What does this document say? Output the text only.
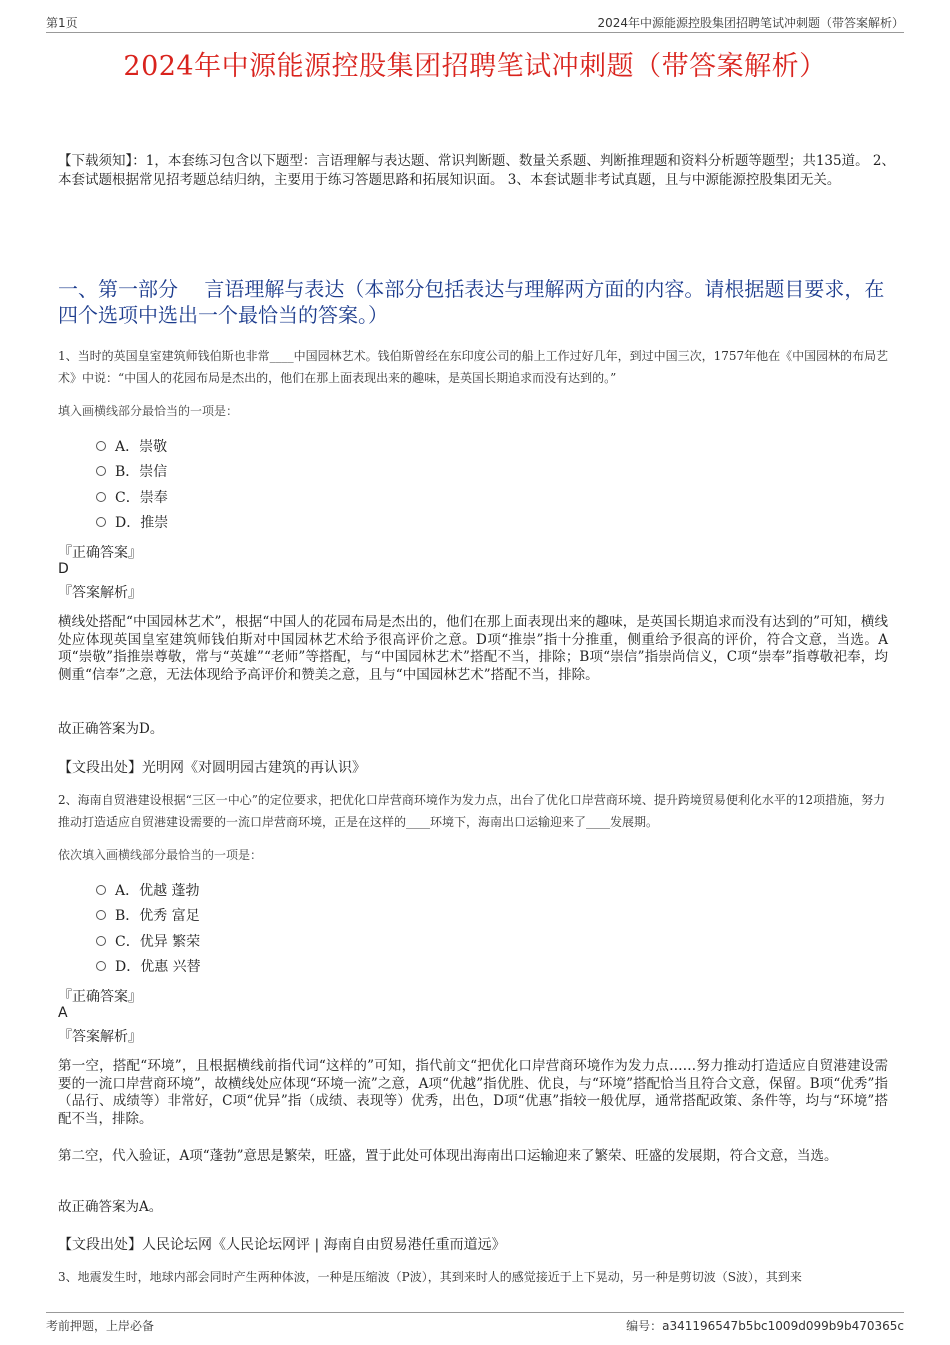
第1页	2024年中源能源控股集团招聘笔试冲刺题（带答案解析）
2024年中源能源控股集团招聘笔试冲刺题（带答案解析）
【下载须知】：1，本套练习包含以下题型：言语理解与表达题、常识判断题、数量关系题、判断推理题和资料分析题等题型；共135道。 2、本套试题根据常见招考题总结归纳，主要用于练习答题思路和拓展知识面。 3、本套试题非考试真题，且与中源能源控股集团无关。
一、第一部分　 言语理解与表达（本部分包括表达与理解两方面的内容。请根据题目要求，在四个选项中选出一个最恰当的答案。）
1、当时的英国皇室建筑师钱伯斯也非常____中国园林艺术。钱伯斯曾经在东印度公司的船上工作过好几年，到过中国三次，1757年他在《中国园林的布局艺术》中说：“中国人的花园布局是杰出的，他们在那上面表现出来的趣味，是英国长期追求而没有达到的。”
填入画横线部分最恰当的一项是：
A．崇敬
B．崇信
C．崇奉
D．推崇
『正确答案』
D
『答案解析』
横线处搭配“中国园林艺术”，根据“中国人的花园布局是杰出的，他们在那上面表现出来的趣味，是英国长期追求而没有达到的”可知，横线处应体现英国皇室建筑师钱伯斯对中国园林艺术给予很高评价之意。D项“推崇”指十分推重，侧重给予很高的评价，符合文意，当选。A项“崇敬”指推崇尊敬，常与“英雄”“老师”等搭配，与“中国园林艺术”搭配不当，排除；B项“崇信”指崇尚信义，C项“崇奉”指尊敬祀奉，均侧重“信奉”之意，无法体现给予高评价和赞美之意，且与“中国园林艺术”搭配不当，排除。
故正确答案为D。
【文段出处】光明网《对圆明园古建筑的再认识》
2、海南自贸港建设根据“三区一中心”的定位要求，把优化口岸营商环境作为发力点，出台了优化口岸营商环境、提升跨境贸易便利化水平的12项措施，努力推动打造适应自贸港建设需要的一流口岸营商环境，正是在这样的____环境下，海南出口运输迎来了____发展期。
依次填入画横线部分最恰当的一项是：
A．优越 蓬勃
B．优秀 富足
C．优异 繁荣
D．优惠 兴替
『正确答案』
A
『答案解析』
第一空，搭配“环境”，且根据横线前指代词“这样的”可知，指代前文“把优化口岸营商环境作为发力点……努力推动打造适应自贸港建设需要的一流口岸营商环境”，故横线处应体现“环境一流”之意，A项“优越”指优胜、优良，与“环境”搭配恰当且符合文意，保留。B项“优秀”指（品行、成绩等）非常好，C项“优异”指（成绩、表现等）优秀，出色，D项“优惠”指较一般优厚，通常搭配政策、条件等，均与“环境”搭配不当，排除。
第二空，代入验证，A项“蓬勃”意思是繁荣，旺盛，置于此处可体现出海南出口运输迎来了繁荣、旺盛的发展期，符合文意，当选。
故正确答案为A。
【文段出处】人民论坛网《人民论坛网评 | 海南自由贸易港任重而道远》
3、地震发生时，地球内部会同时产生两种体波，一种是压缩波（P波），其到来时人的感觉接近于上下晃动，另一种是剪切波（S波），其到来
考前押题，上岸必备	编号：a341196547b5bc1009d099b9b470365c
